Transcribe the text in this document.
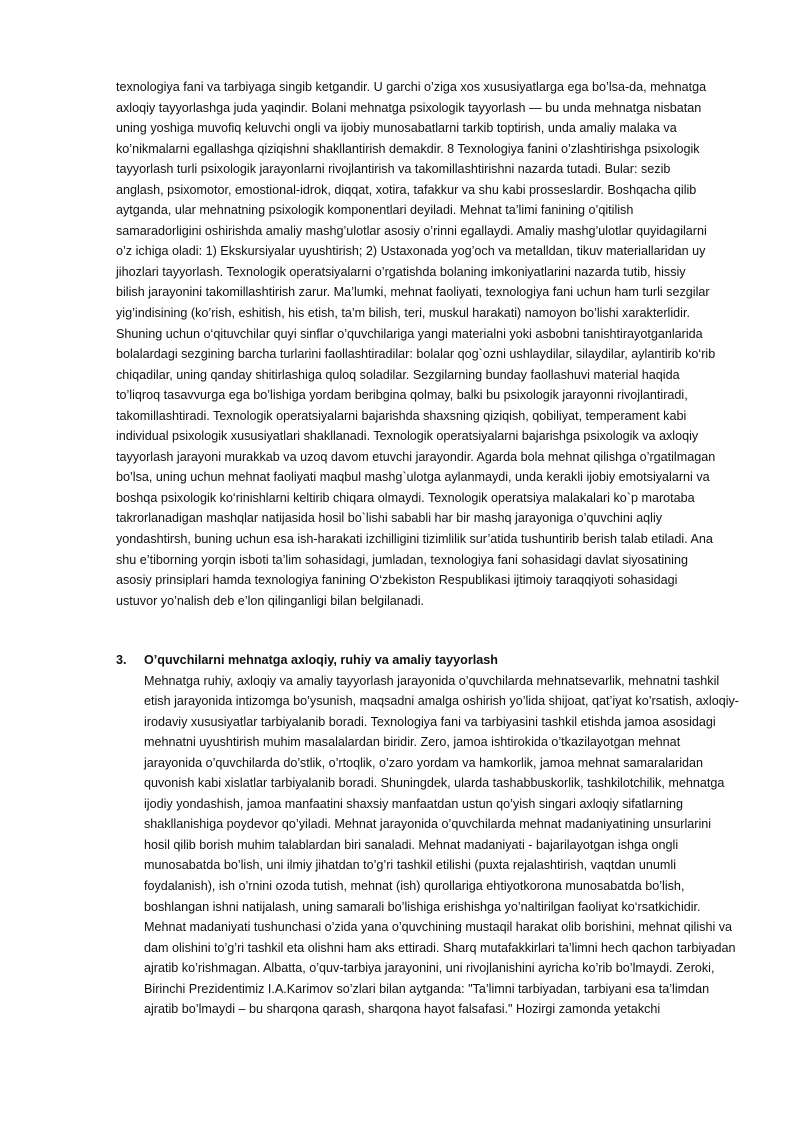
texnologiya fani va tarbiyaga singib ketgandir. U garchi o’ziga xos xususiyatlarga ega bo’lsa-da, mehnatga axloqiy tayyorlashga juda yaqindir. Bolani mehnatga psixologik tayyorlash — bu unda mehnatga nisbatan uning yoshiga muvofiq keluvchi ongli va ijobiy munosabatlarni tarkib toptirish, unda amaliy malaka va ko’nikmalarni egallashga qiziqishni shakllantirish demakdir. 8 Texnologiya fanini o’zlashtirishga psixologik tayyorlash turli psixologik jarayonlarni rivojlantirish va takomillashtirishni nazarda tutadi. Bular: sezib anglash, psixomotor, emostional-idrok, diqqat, xotira, tafakkur va shu kabi prosseslardir. Boshqacha qilib aytganda, ular mehnatning psixologik komponentlari deyiladi. Mehnat ta’limi fanining o’qitilish samaradorligini oshirishda amaliy mashg’ulotlar asosiy o’rinni egallaydi. Amaliy mashg’ulotlar quyidagilarni o’z ichiga oladi: 1) Ekskursiyalar uyushtirish; 2) Ustaxonada yog’och va metalldan, tikuv materiallaridan uy jihozlari tayyorlash. Texnologik operatsiyalarni o’rgatishda bolaning imkoniyatlarini nazarda tutib, hissiy bilish jarayonini takomillashtirish zarur. Ma’lumki, mehnat faoliyati, texnologiya fani uchun ham turli sezgilar yig’indisining (ko’rish, eshitish, his etish, ta’m bilish, teri, muskul harakati) namoyon bo’lishi xarakterlidir. Shuning uchun o‘qituvchilar quyi sinflar o’quvchilariga yangi materialni yoki asbobni tanishtirayotganlarida bolalardagi sezgining barcha turlarini faollashtiradilar: bolalar qog`ozni ushlaydilar, silaydilar, aylantirib ko‘rib chiqadilar, uning qanday shitirlashiga quloq soladilar. Sezgilarning bunday faollashuvi material haqida to’liqroq tasavvurga ega bo’lishiga yordam beribgina qolmay, balki bu psixologik jarayonni rivojlantiradi, takomillashtiradi. Texnologik operatsiyalarni bajarishda shaxsning qiziqish, qobiliyat, temperament kabi individual psixologik xususiyatlari shakllanadi. Texnologik operatsiyalarni bajarishga psixologik va axloqiy tayyorlash jarayoni murakkab va uzoq davom etuvchi jarayondir. Agarda bola mehnat qilishga o’rgatilmagan bo’lsa, uning uchun mehnat faoliyati maqbul mashg`ulotga aylanmaydi, unda kerakli ijobiy emotsiyalarni va boshqa psixologik ko‘rinishlarni keltirib chiqara olmaydi. Texnologik operatsiya malakalari ko`p marotaba takrorlanadigan mashqlar natijasida hosil bo`lishi sababli har bir mashq jarayoniga o’quvchini aqliy yondashtirsh, buning uchun esa ish-harakati izchilligini tizimlilik sur’atida tushuntirib berish talab etiladi. Ana shu e’tiborning yorqin isboti ta’lim sohasidagi, jumladan, texnologiya fani sohasidagi davlat siyosatining asosiy prinsiplari hamda texnologiya fanining O‘zbekiston Respublikasi ijtimoiy taraqqiyoti sohasidagi ustuvor yo’nalish deb e’lon qilinganligi bilan belgilanadi.

3.	O’quvchilarni mehnatga axloqiy, ruhiy va amaliy tayyorlash

Mehnatga ruhiy, axloqiy va amaliy tayyorlash jarayonida o’quvchilarda mehnatsevarlik, mehnatni tashkil etish jarayonida intizomga bo’ysunish, maqsadni amalga oshirish yo’lida shijoat, qat’iyat ko’rsatish, axloqiy-irodaviy xususiyatlar tarbiyalanib boradi. Texnologiya fani va tarbiyasini tashkil etishda jamoa asosidagi mehnatni uyushtirish muhim masalalardan biridir. Zero, jamoa ishtirokida o’tkazilayotgan mehnat jarayonida o’quvchilarda do’stlik, o’rtoqlik, o’zaro yordam va hamkorlik, jamoa mehnat samaralaridan quvonish kabi xislatlar tarbiyalanib boradi. Shuningdek, ularda tashabbuskorlik, tashkilotchilik, mehnatga ijodiy yondashish, jamoa manfaatini shaxsiy manfaatdan ustun qo’yish singari axloqiy sifatlarning shakllanishiga poydevor qo’yiladi. Mehnat jarayonida o’quvchilarda mehnat madaniyatining unsurlarini hosil qilib borish muhim talablardan biri sanaladi. Mehnat madaniyati - bajarilayotgan ishga ongli munosabatda bo’lish, uni ilmiy jihatdan to’g’ri tashkil etilishi (puxta rejalashtirish, vaqtdan unumli foydalanish), ish o’rnini ozoda tutish, mehnat (ish) qurollariga ehtiyotkorona munosabatda bo’lish, boshlangan ishni natijalash, uning samarali bo’lishiga erishishga yo’naltirilgan faoliyat ko‘rsatkichidir. Mehnat madaniyati tushunchasi o’zida yana o’quvchining mustaqil harakat olib borishini, mehnat qilishi va dam olishini to’g’ri tashkil eta olishni ham aks ettiradi. Sharq mutafakkirlari ta’limni hech qachon tarbiyadan ajratib ko’rishmagan. Albatta, o’quv-tarbiya jarayonini, uni rivojlanishini ayricha ko’rib bo’lmaydi. Zeroki, Birinchi Prezidentimiz I.A.Karimov so’zlari bilan aytganda: "Ta’limni tarbiyadan, tarbiyani esa ta’limdan ajratib bo’lmaydi – bu sharqona qarash, sharqona hayot falsafasi." Hozirgi zamonda yetakchi
